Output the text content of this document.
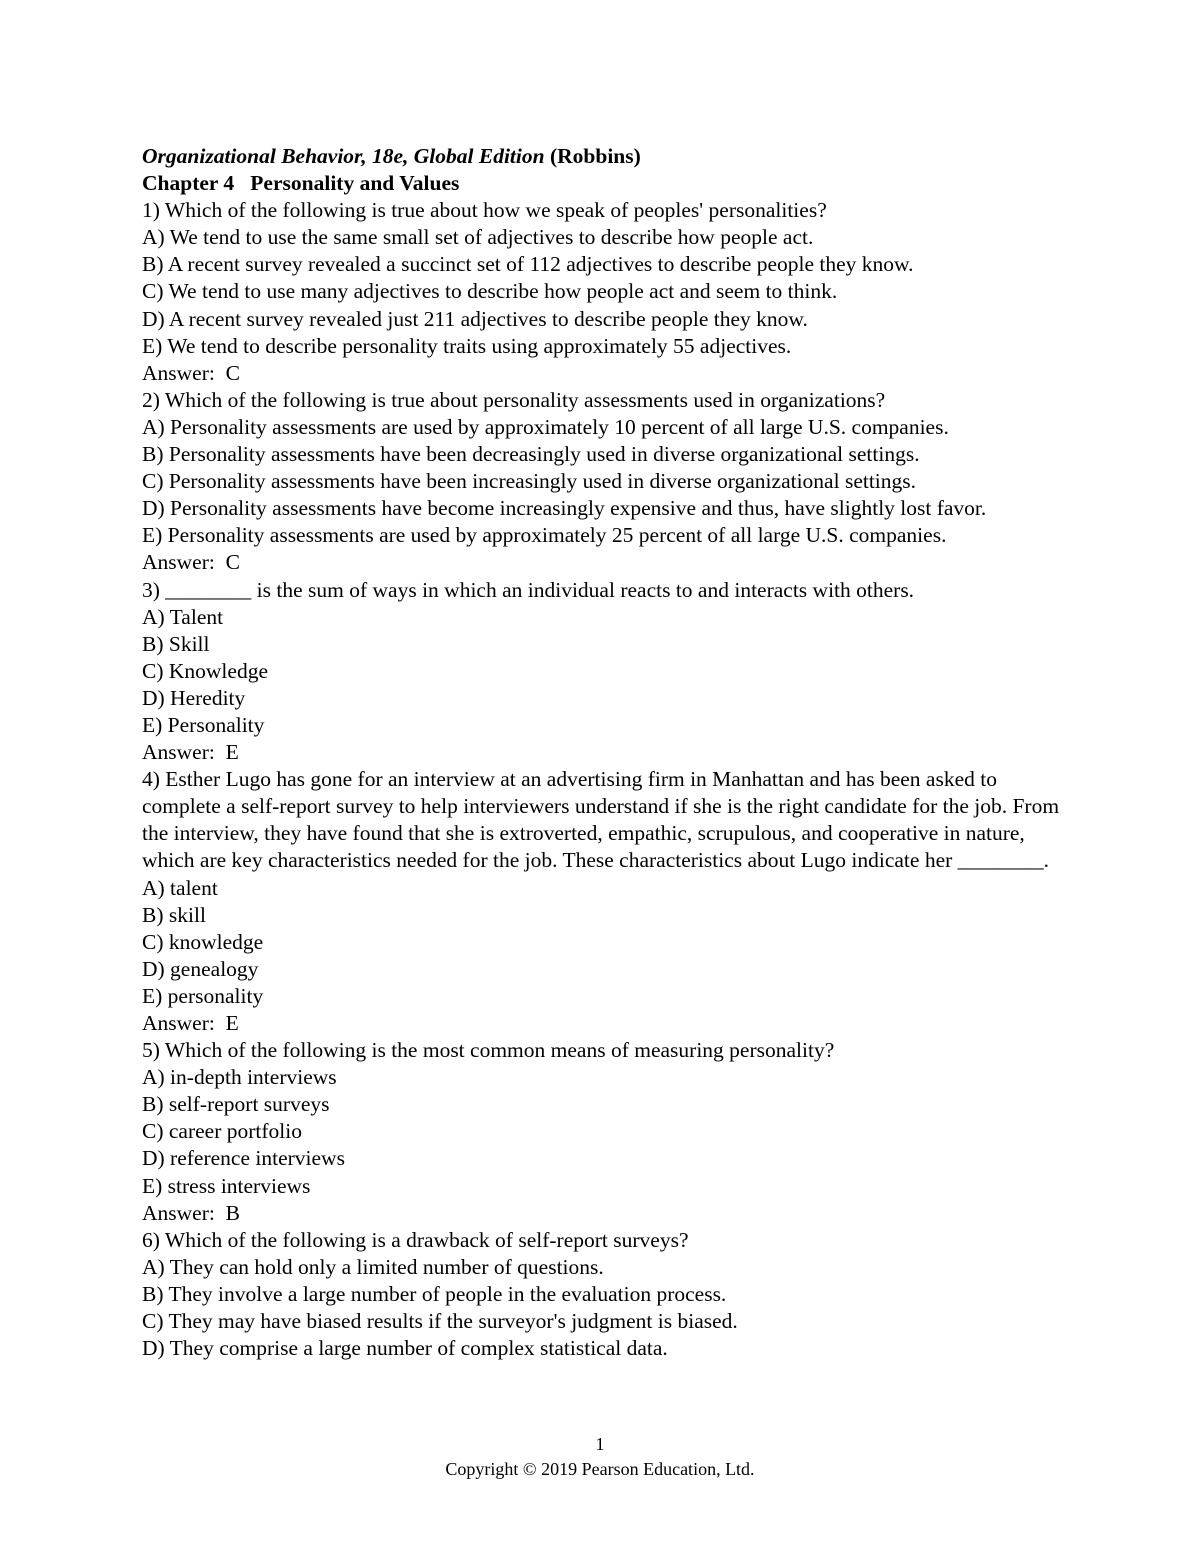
Organizational Behavior, 18e, Global Edition (Robbins)
Chapter 4   Personality and Values
1) Which of the following is true about how we speak of peoples' personalities?
A) We tend to use the same small set of adjectives to describe how people act.
B) A recent survey revealed a succinct set of 112 adjectives to describe people they know.
C) We tend to use many adjectives to describe how people act and seem to think.
D) A recent survey revealed just 211 adjectives to describe people they know.
E) We tend to describe personality traits using approximately 55 adjectives.
Answer:  C
2) Which of the following is true about personality assessments used in organizations?
A) Personality assessments are used by approximately 10 percent of all large U.S. companies.
B) Personality assessments have been decreasingly used in diverse organizational settings.
C) Personality assessments have been increasingly used in diverse organizational settings.
D) Personality assessments have become increasingly expensive and thus, have slightly lost favor.
E) Personality assessments are used by approximately 25 percent of all large U.S. companies.
Answer:  C
3) ________ is the sum of ways in which an individual reacts to and interacts with others.
A) Talent
B) Skill
C) Knowledge
D) Heredity
E) Personality
Answer:  E
4) Esther Lugo has gone for an interview at an advertising firm in Manhattan and has been asked to complete a self-report survey to help interviewers understand if she is the right candidate for the job. From the interview, they have found that she is extroverted, empathic, scrupulous, and cooperative in nature, which are key characteristics needed for the job. These characteristics about Lugo indicate her ________.
A) talent
B) skill
C) knowledge
D) genealogy
E) personality
Answer:  E
5) Which of the following is the most common means of measuring personality?
A) in-depth interviews
B) self-report surveys
C) career portfolio
D) reference interviews
E) stress interviews
Answer:  B
6) Which of the following is a drawback of self-report surveys?
A) They can hold only a limited number of questions.
B) They involve a large number of people in the evaluation process.
C) They may have biased results if the surveyor's judgment is biased.
D) They comprise a large number of complex statistical data.
1
Copyright © 2019 Pearson Education, Ltd.
